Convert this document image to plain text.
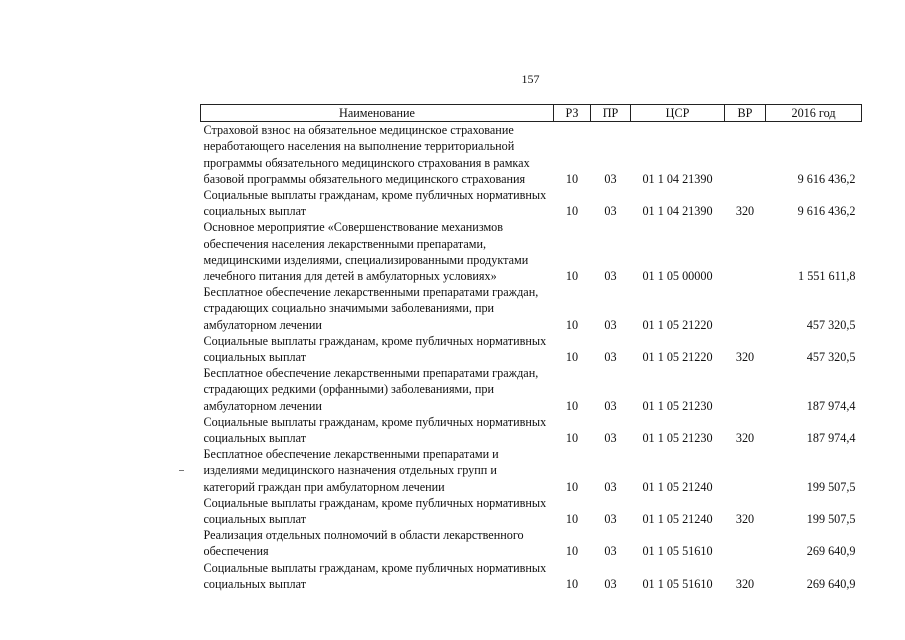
157
Наименование	РЗ	ПР	ЦСР	ВР	2016 год
Страховой взнос на обязательное медицинское страхование неработающего населения на выполнение территориальной программы обязательного медицинского страхования в рамках базовой программы обязательного медицинского страхования	10	03	01 1 04 21390		9 616 436,2
Социальные выплаты гражданам, кроме публичных нормативных социальных выплат	10	03	01 1 04 21390	320	9 616 436,2
Основное мероприятие «Совершенствование механизмов обеспечения населения лекарственными препаратами, медицинскими изделиями, специализированными продуктами лечебного питания для детей в амбулаторных условиях»	10	03	01 1 05 00000		1 551 611,8
Бесплатное обеспечение лекарственными препаратами граждан, страдающих социально значимыми заболеваниями, при амбулаторном лечении	10	03	01 1 05 21220		457 320,5
Социальные выплаты гражданам, кроме публичных нормативных социальных выплат	10	03	01 1 05 21220	320	457 320,5
Бесплатное обеспечение лекарственными препаратами граждан, страдающих редкими (орфанными) заболеваниями, при амбулаторном лечении	10	03	01 1 05 21230		187 974,4
Социальные выплаты гражданам, кроме публичных нормативных социальных выплат	10	03	01 1 05 21230	320	187 974,4
Бесплатное обеспечение лекарственными препаратами и изделиями медицинского назначения отдельных групп и категорий граждан при амбулаторном лечении	10	03	01 1 05 21240		199 507,5
Социальные выплаты гражданам, кроме публичных нормативных социальных выплат	10	03	01 1 05 21240	320	199 507,5
Реализация отдельных полномочий в области лекарственного обеспечения	10	03	01 1 05 51610		269 640,9
Социальные выплаты гражданам, кроме публичных нормативных социальных выплат	10	03	01 1 05 51610	320	269 640,9
